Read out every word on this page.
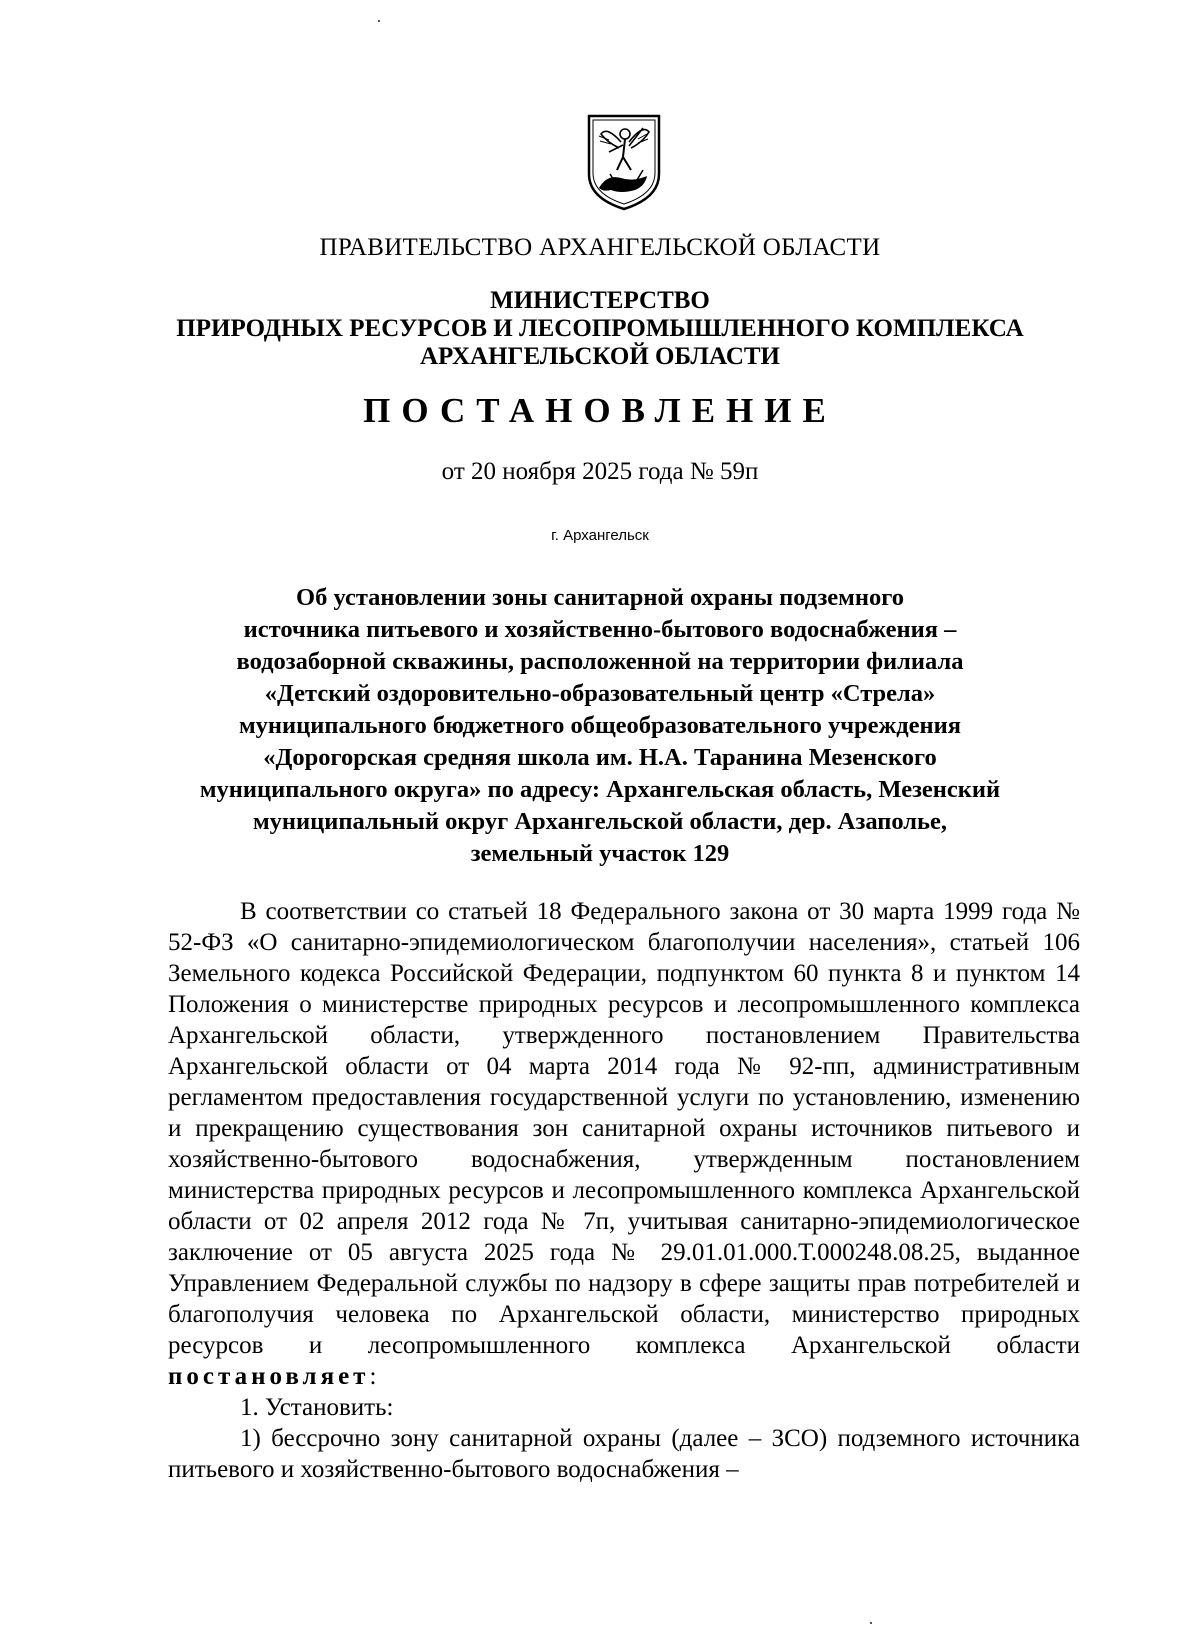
ПРАВИТЕЛЬСТВО АРХАНГЕЛЬСКОЙ ОБЛАСТИ
МИНИСТЕРСТВО
ПРИРОДНЫХ РЕСУРСОВ И ЛЕСОПРОМЫШЛЕННОГО КОМПЛЕКСА
АРХАНГЕЛЬСКОЙ ОБЛАСТИ
ПОСТАНОВЛЕНИЕ
от 20 ноября 2025 года № 59п
г. Архангельск
Об установлении зоны санитарной охраны подземного
источника питьевого и хозяйственно-бытового водоснабжения –
водозаборной скважины, расположенной на территории филиала
«Детский оздоровительно-образовательный центр «Стрела»
муниципального бюджетного общеобразовательного учреждения
«Дорогорская средняя школа им. Н.А. Таранина Мезенского
муниципального округа» по адресу: Архангельская область, Мезенский
муниципальный округ Архангельской области, дер. Азаполье,
земельный участок 129

В соответствии со статьей 18 Федерального закона от 30 марта 1999 года № 52-ФЗ «О санитарно-эпидемиологическом благополучии населения», статьей 106 Земельного кодекса Российской Федерации, подпунктом 60 пункта 8 и пунктом 14 Положения о министерстве природных ресурсов и лесопромышленного комплекса Архангельской области, утвержденного постановлением Правительства Архангельской области от 04 марта 2014 года № 92-пп, административным регламентом предоставления государственной услуги по установлению, изменению и прекращению существования зон санитарной охраны источников питьевого и хозяйственно-бытового водоснабжения, утвержденным постановлением министерства природных ресурсов и лесопромышленного комплекса Архангельской области от 02 апреля 2012 года № 7п, учитывая санитарно-эпидемиологическое заключение от 05 августа 2025 года № 29.01.01.000.Т.000248.08.25, выданное Управлением Федеральной службы по надзору в сфере защиты прав потребителей и благополучия человека по Архангельской области, министерство природных ресурсов и лесопромышленного комплекса Архангельской области постановляет:

1. Установить:

1) бессрочно зону санитарной охраны (далее – ЗСО) подземного источника питьевого и хозяйственно-бытового водоснабжения –
